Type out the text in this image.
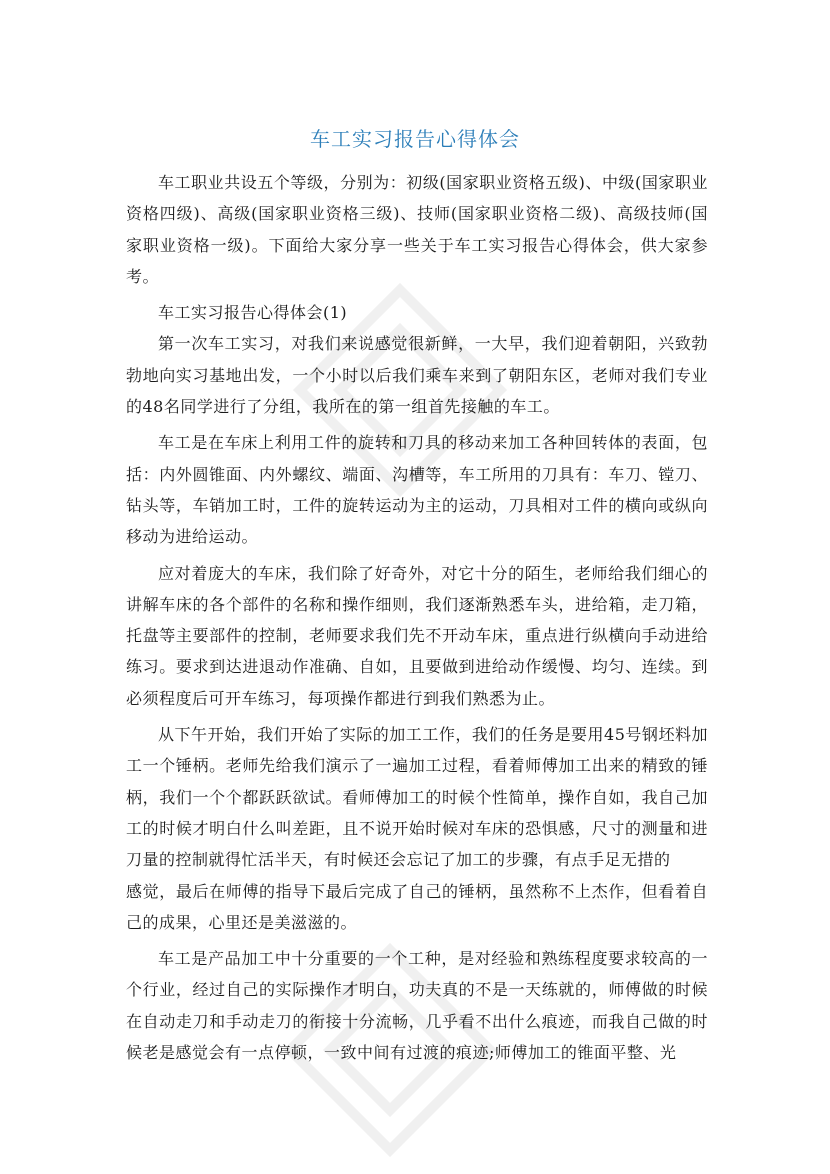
车工实习报告心得体会

车工职业共设五个等级，分别为：初级(国家职业资格五级)、中级(国家职业资格四级)、高级(国家职业资格三级)、技师(国家职业资格二级)、高级技师(国家职业资格一级)。下面给大家分享一些关于车工实习报告心得体会，供大家参考。

车工实习报告心得体会(1)

第一次车工实习，对我们来说感觉很新鲜，一大早，我们迎着朝阳，兴致勃勃地向实习基地出发，一个小时以后我们乘车来到了朝阳东区，老师对我们专业的48名同学进行了分组，我所在的第一组首先接触的车工。

车工是在车床上利用工件的旋转和刀具的移动来加工各种回转体的表面，包括：内外圆锥面、内外螺纹、端面、沟槽等，车工所用的刀具有：车刀、镗刀、钻头等，车销加工时，工件的旋转运动为主的运动，刀具相对工件的横向或纵向移动为进给运动。

应对着庞大的车床，我们除了好奇外，对它十分的陌生，老师给我们细心的讲解车床的各个部件的名称和操作细则，我们逐渐熟悉车头，进给箱，走刀箱，托盘等主要部件的控制，老师要求我们先不开动车床，重点进行纵横向手动进给练习。要求到达进退动作准确、自如，且要做到进给动作缓慢、均匀、连续。到必须程度后可开车练习，每项操作都进行到我们熟悉为止。

从下午开始，我们开始了实际的加工工作，我们的任务是要用45号钢坯料加工一个锤柄。老师先给我们演示了一遍加工过程，看着师傅加工出来的精致的锤柄，我们一个个都跃跃欲试。看师傅加工的时候个性简单，操作自如，我自己加工的时候才明白什么叫差距，且不说开始时候对车床的恐惧感，尺寸的测量和进刀量的控制就得忙活半天，有时候还会忘记了加工的步骤，有点手足无措的

感觉，最后在师傅的指导下最后完成了自己的锤柄，虽然称不上杰作，但看着自己的成果，心里还是美滋滋的。

车工是产品加工中十分重要的一个工种，是对经验和熟练程度要求较高的一个行业，经过自己的实际操作才明白，功夫真的不是一天练就的，师傅做的时候在自动走刀和手动走刀的衔接十分流畅，几乎看不出什么痕迹，而我自己做的时候老是感觉会有一点停顿，一致中间有过渡的痕迹;师傅加工的锥面平整、光
